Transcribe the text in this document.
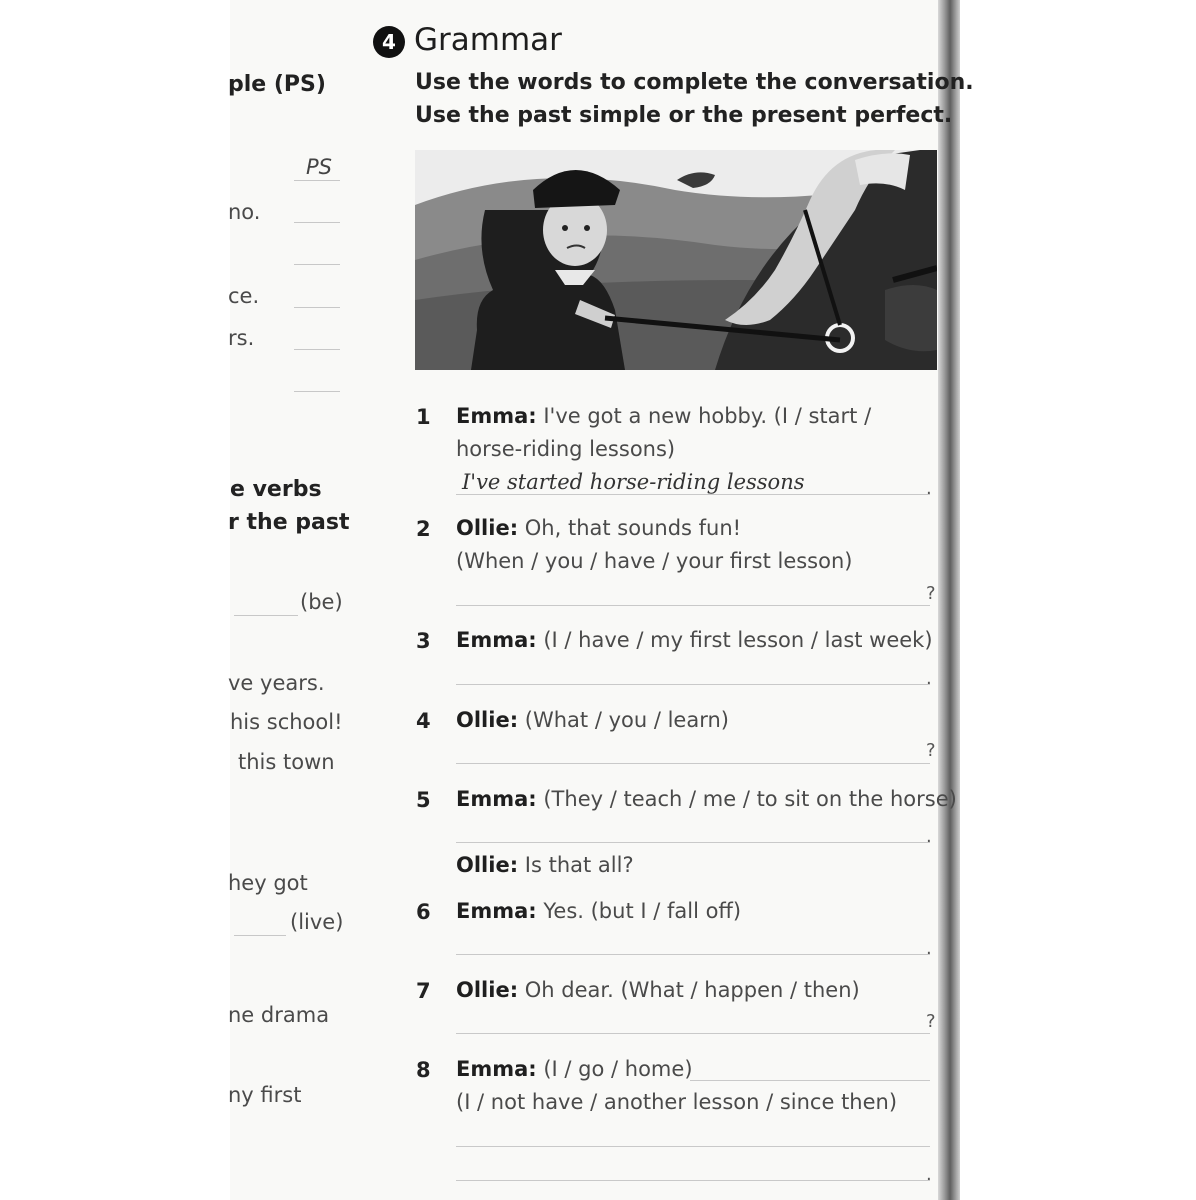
ple (PS)
PS
no.
ce.
rs.
e verbs
r the past
(be)
ve years.
his school!
this town
hey got
(live)
ne drama
ny first
4 Grammar
Use the words to complete the conversation.
Use the past simple or the present perfect.
1 Emma: I've got a new hobby. (I / start /
horse-riding lessons)
I've started horse-riding lessons	.
2 Ollie: Oh, that sounds fun!
(When / you / have / your first lesson)
?
3 Emma: (I / have / my first lesson / last week)
.
4 Ollie: (What / you / learn)
?
5 Emma: (They / teach / me / to sit on the horse)
.
Ollie: Is that all?
6 Emma: Yes. (but I / fall off)
.
7 Ollie: Oh dear. (What / happen / then)
?
8 Emma: (I / go / home)
(I / not have / another lesson / since then)
.
